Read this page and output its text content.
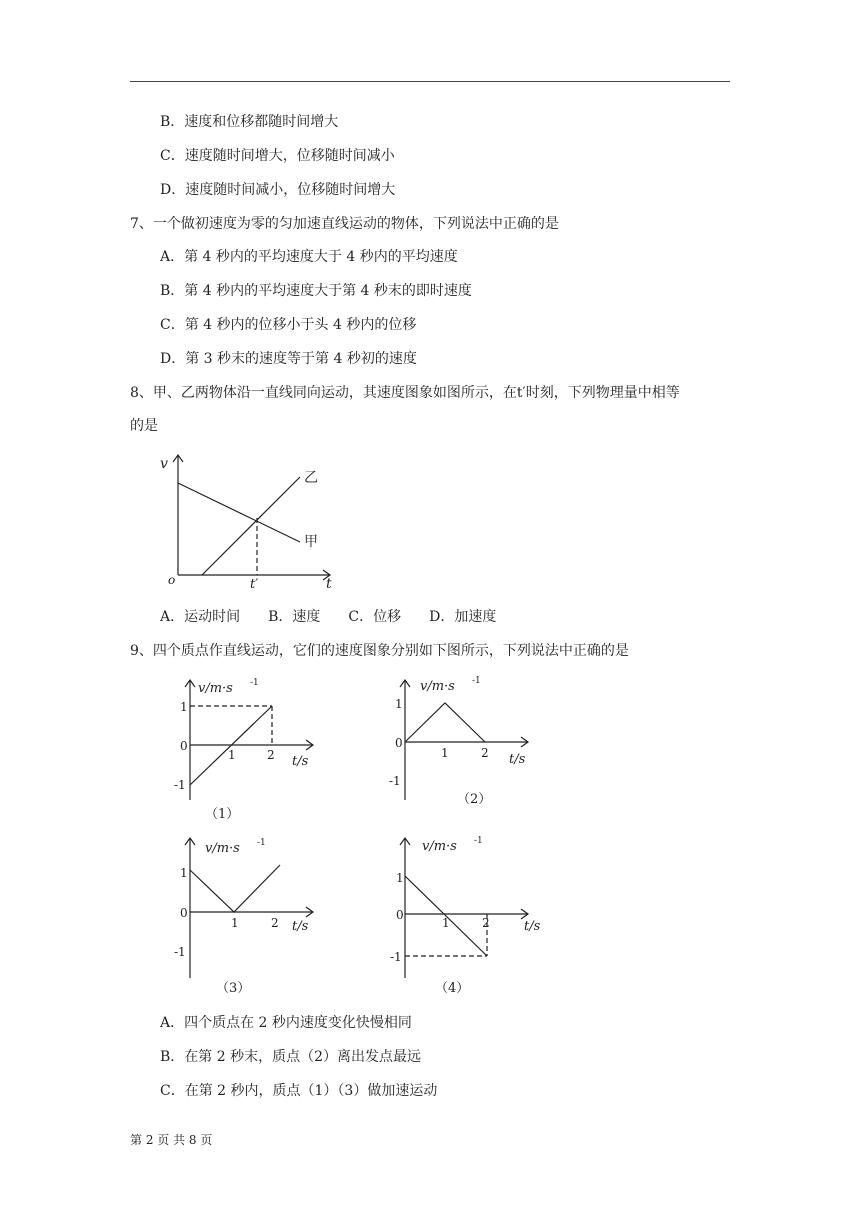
B．速度和位移都随时间增大
C．速度随时间增大，位移随时间减小
D．速度随时间减小，位移随时间增大
7、一个做初速度为零的匀加速直线运动的物体，下列说法中正确的是
A．第 4 秒内的平均速度大于 4 秒内的平均速度
B．第 4 秒内的平均速度大于第 4 秒末的即时速度
C．第 4 秒内的位移小于头 4 秒内的位移
D．第 3 秒末的速度等于第 4 秒初的速度
8、甲、乙两物体沿一直线同向运动，其速度图象如图所示，在t′时刻，下列物理量中相等
的是
v
o	t
t′
乙
甲
A．运动时间　　B．速度　　C．位移　　D．加速度
9、四个质点作直线运动，它们的速度图象分别如下图所示，下列说法中正确的是
v/m·s -1
1
0
-1
1	2 t/s
（1）
v/m·s -1
1
0
-1
1	2 t/s
（2）
v/m·s -1
1
0
-1
1	2 t/s
（3）
v/m·s -1
1
0
-1
1	2	t/s
（4）
A．四个质点在 2 秒内速度变化快慢相同
B．在第 2 秒末，质点（2）离出发点最远
C．在第 2 秒内，质点（1）（3）做加速运动
第 2 页 共 8 页
